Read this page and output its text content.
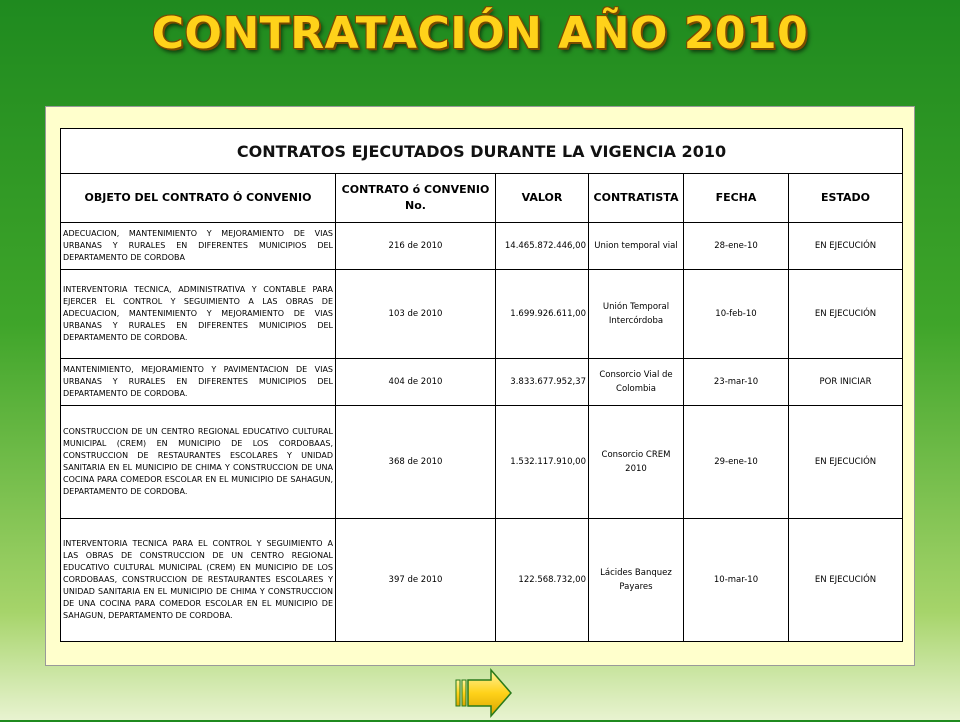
CONTRATACIÓN AÑO 2010
CONTRATOS EJECUTADOS DURANTE LA VIGENCIA 2010					
OBJETO DEL CONTRATO Ó CONVENIO	CONTRATO ó CONVENIO No.	VALOR	CONTRATISTA	FECHA	ESTADO
ADECUACION, MANTENIMIENTO Y MEJORAMIENTO DE VIAS URBANAS Y RURALES EN DIFERENTES MUNICIPIOS DEL DEPARTAMENTO DE CORDOBA	216 de 2010	14.465.872.446,00	Union temporal vial	28-ene-10	EN EJECUCIÓN
INTERVENTORIA TECNICA, ADMINISTRATIVA Y CONTABLE PARA EJERCER EL CONTROL Y SEGUIMIENTO A LAS OBRAS DE ADECUACION, MANTENIMIENTO Y MEJORAMIENTO DE VIAS URBANAS Y RURALES EN DIFERENTES MUNICIPIOS DEL DEPARTAMENTO DE CORDOBA.	103 de 2010	1.699.926.611,00	Unión Temporal Intercórdoba	10-feb-10	EN EJECUCIÓN
MANTENIMIENTO, MEJORAMIENTO Y PAVIMENTACION DE VIAS URBANAS Y RURALES EN DIFERENTES MUNICIPIOS DEL DEPARTAMENTO DE CORDOBA.	404 de 2010	3.833.677.952,37	Consorcio Vial de Colombia	23-mar-10	POR INICIAR
CONSTRUCCION DE UN CENTRO REGIONAL EDUCATIVO CULTURAL MUNICIPAL (CREM) EN MUNICIPIO DE LOS CORDOBAAS, CONSTRUCCION DE RESTAURANTES ESCOLARES Y UNIDAD SANITARIA EN EL MUNICIPIO DE CHIMA Y CONSTRUCCION DE UNA COCINA PARA COMEDOR ESCOLAR EN EL MUNICIPIO DE SAHAGUN, DEPARTAMENTO DE CORDOBA.	368 de 2010	1.532.117.910,00	Consorcio CREM 2010	29-ene-10	EN EJECUCIÓN
INTERVENTORIA TECNICA PARA EL CONTROL Y SEGUIMIENTO A LAS OBRAS DE CONSTRUCCION DE UN CENTRO REGIONAL EDUCATIVO CULTURAL MUNICIPAL (CREM) EN MUNICIPIO DE LOS CORDOBAAS, CONSTRUCCION DE RESTAURANTES ESCOLARES Y UNIDAD SANITARIA EN EL MUNICIPIO DE CHIMA Y CONSTRUCCION DE UNA COCINA PARA COMEDOR ESCOLAR EN EL MUNICIPIO DE SAHAGUN, DEPARTAMENTO DE CORDOBA.	397 de 2010	122.568.732,00	Lácides Banquez Payares	10-mar-10	EN EJECUCIÓN
